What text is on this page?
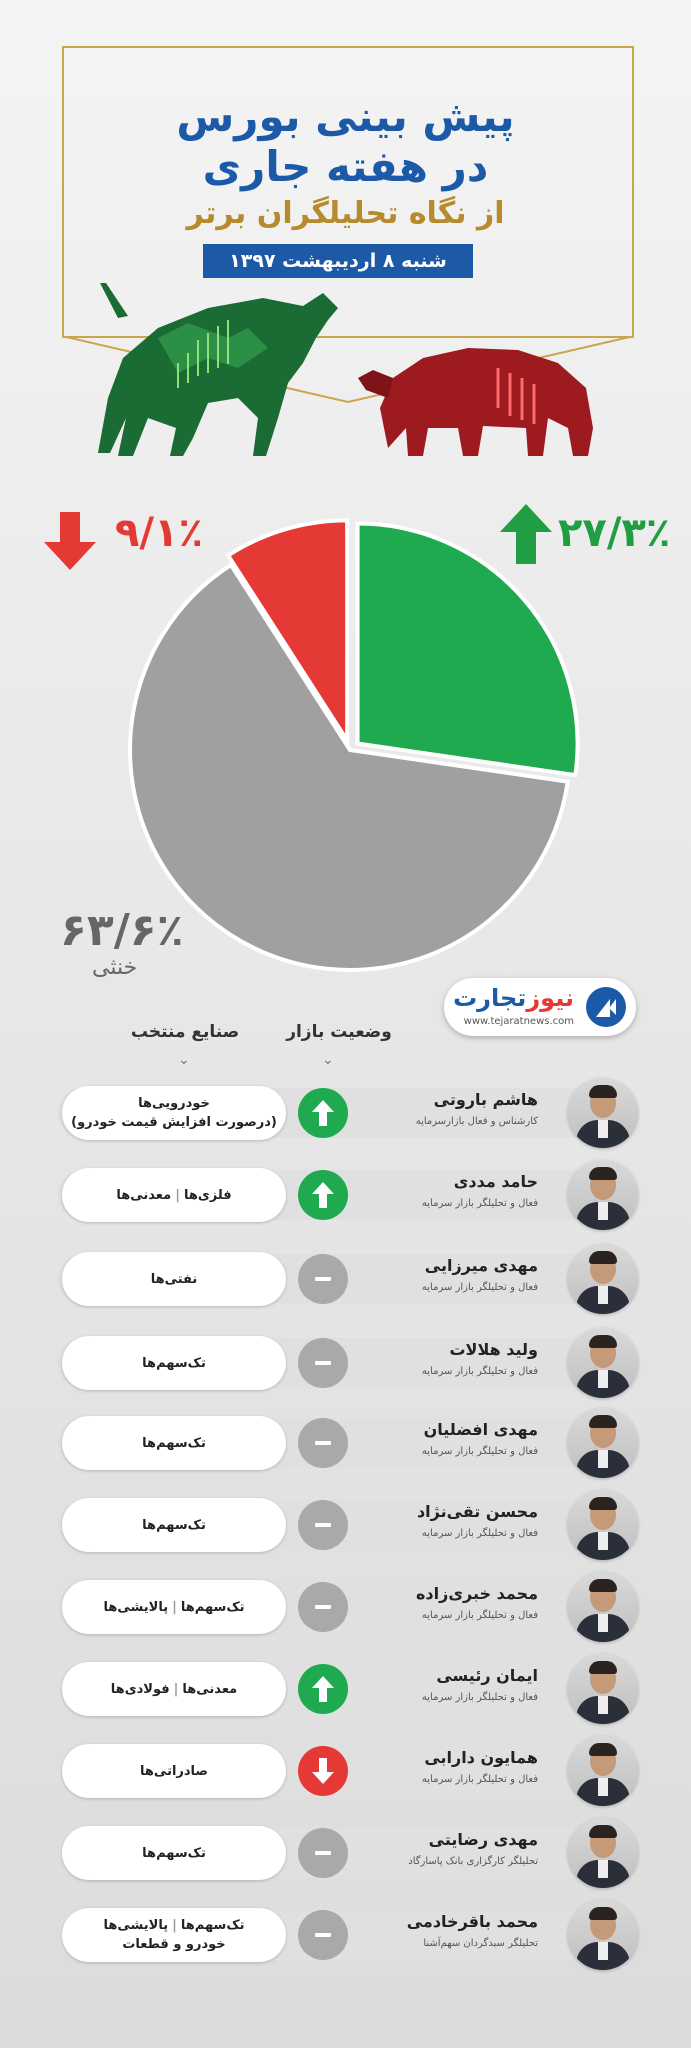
پیش بینی بورس
در هفته جاری
از نگاه تحلیلگران برتر
شنبه ۸ اردیبهشت ۱۳۹۷
۲۷/۳٪
۹/۱٪
۶۳/۶٪
خنثی
نیوزتجارت
www.tejaratnews.com
وضعیت بازار
صنایع منتخب
⌄
⌄
هاشم باروتی
کارشناس و فعال بازارسرمایه
خودرویی‌ها
(درصورت افزایش قیمت خودرو)
حامد مددی
فعال و تحلیلگر بازار سرمایه
فلزی‌ها|معدنی‌ها
مهدی میرزایی
فعال و تحلیلگر بازار سرمایه
نفتی‌ها
ولید هلالات
فعال و تحلیلگر بازار سرمایه
تک‌سهم‌ها
مهدی افضلیان
فعال و تحلیلگر بازار سرمایه
تک‌سهم‌ها
محسن تقی‌نژاد
فعال و تحلیلگر بازار سرمایه
تک‌سهم‌ها
محمد خبری‌زاده
فعال و تحلیلگر بازار سرمایه
تک‌سهم‌ها|پالایشی‌ها
ایمان رئیسی
فعال و تحلیلگر بازار سرمایه
معدنی‌ها|فولادی‌ها
همایون دارابی
فعال و تحلیلگر بازار سرمایه
صادراتی‌ها
مهدی رضایتی
تحلیلگر کارگزاری بانک پاسارگاد
تک‌سهم‌ها
محمد باقرخادمی
تحلیلگر سبدگردان سهم‌آشنا
تک‌سهم‌ها|پالایشی‌ها
خودرو و قطعات
